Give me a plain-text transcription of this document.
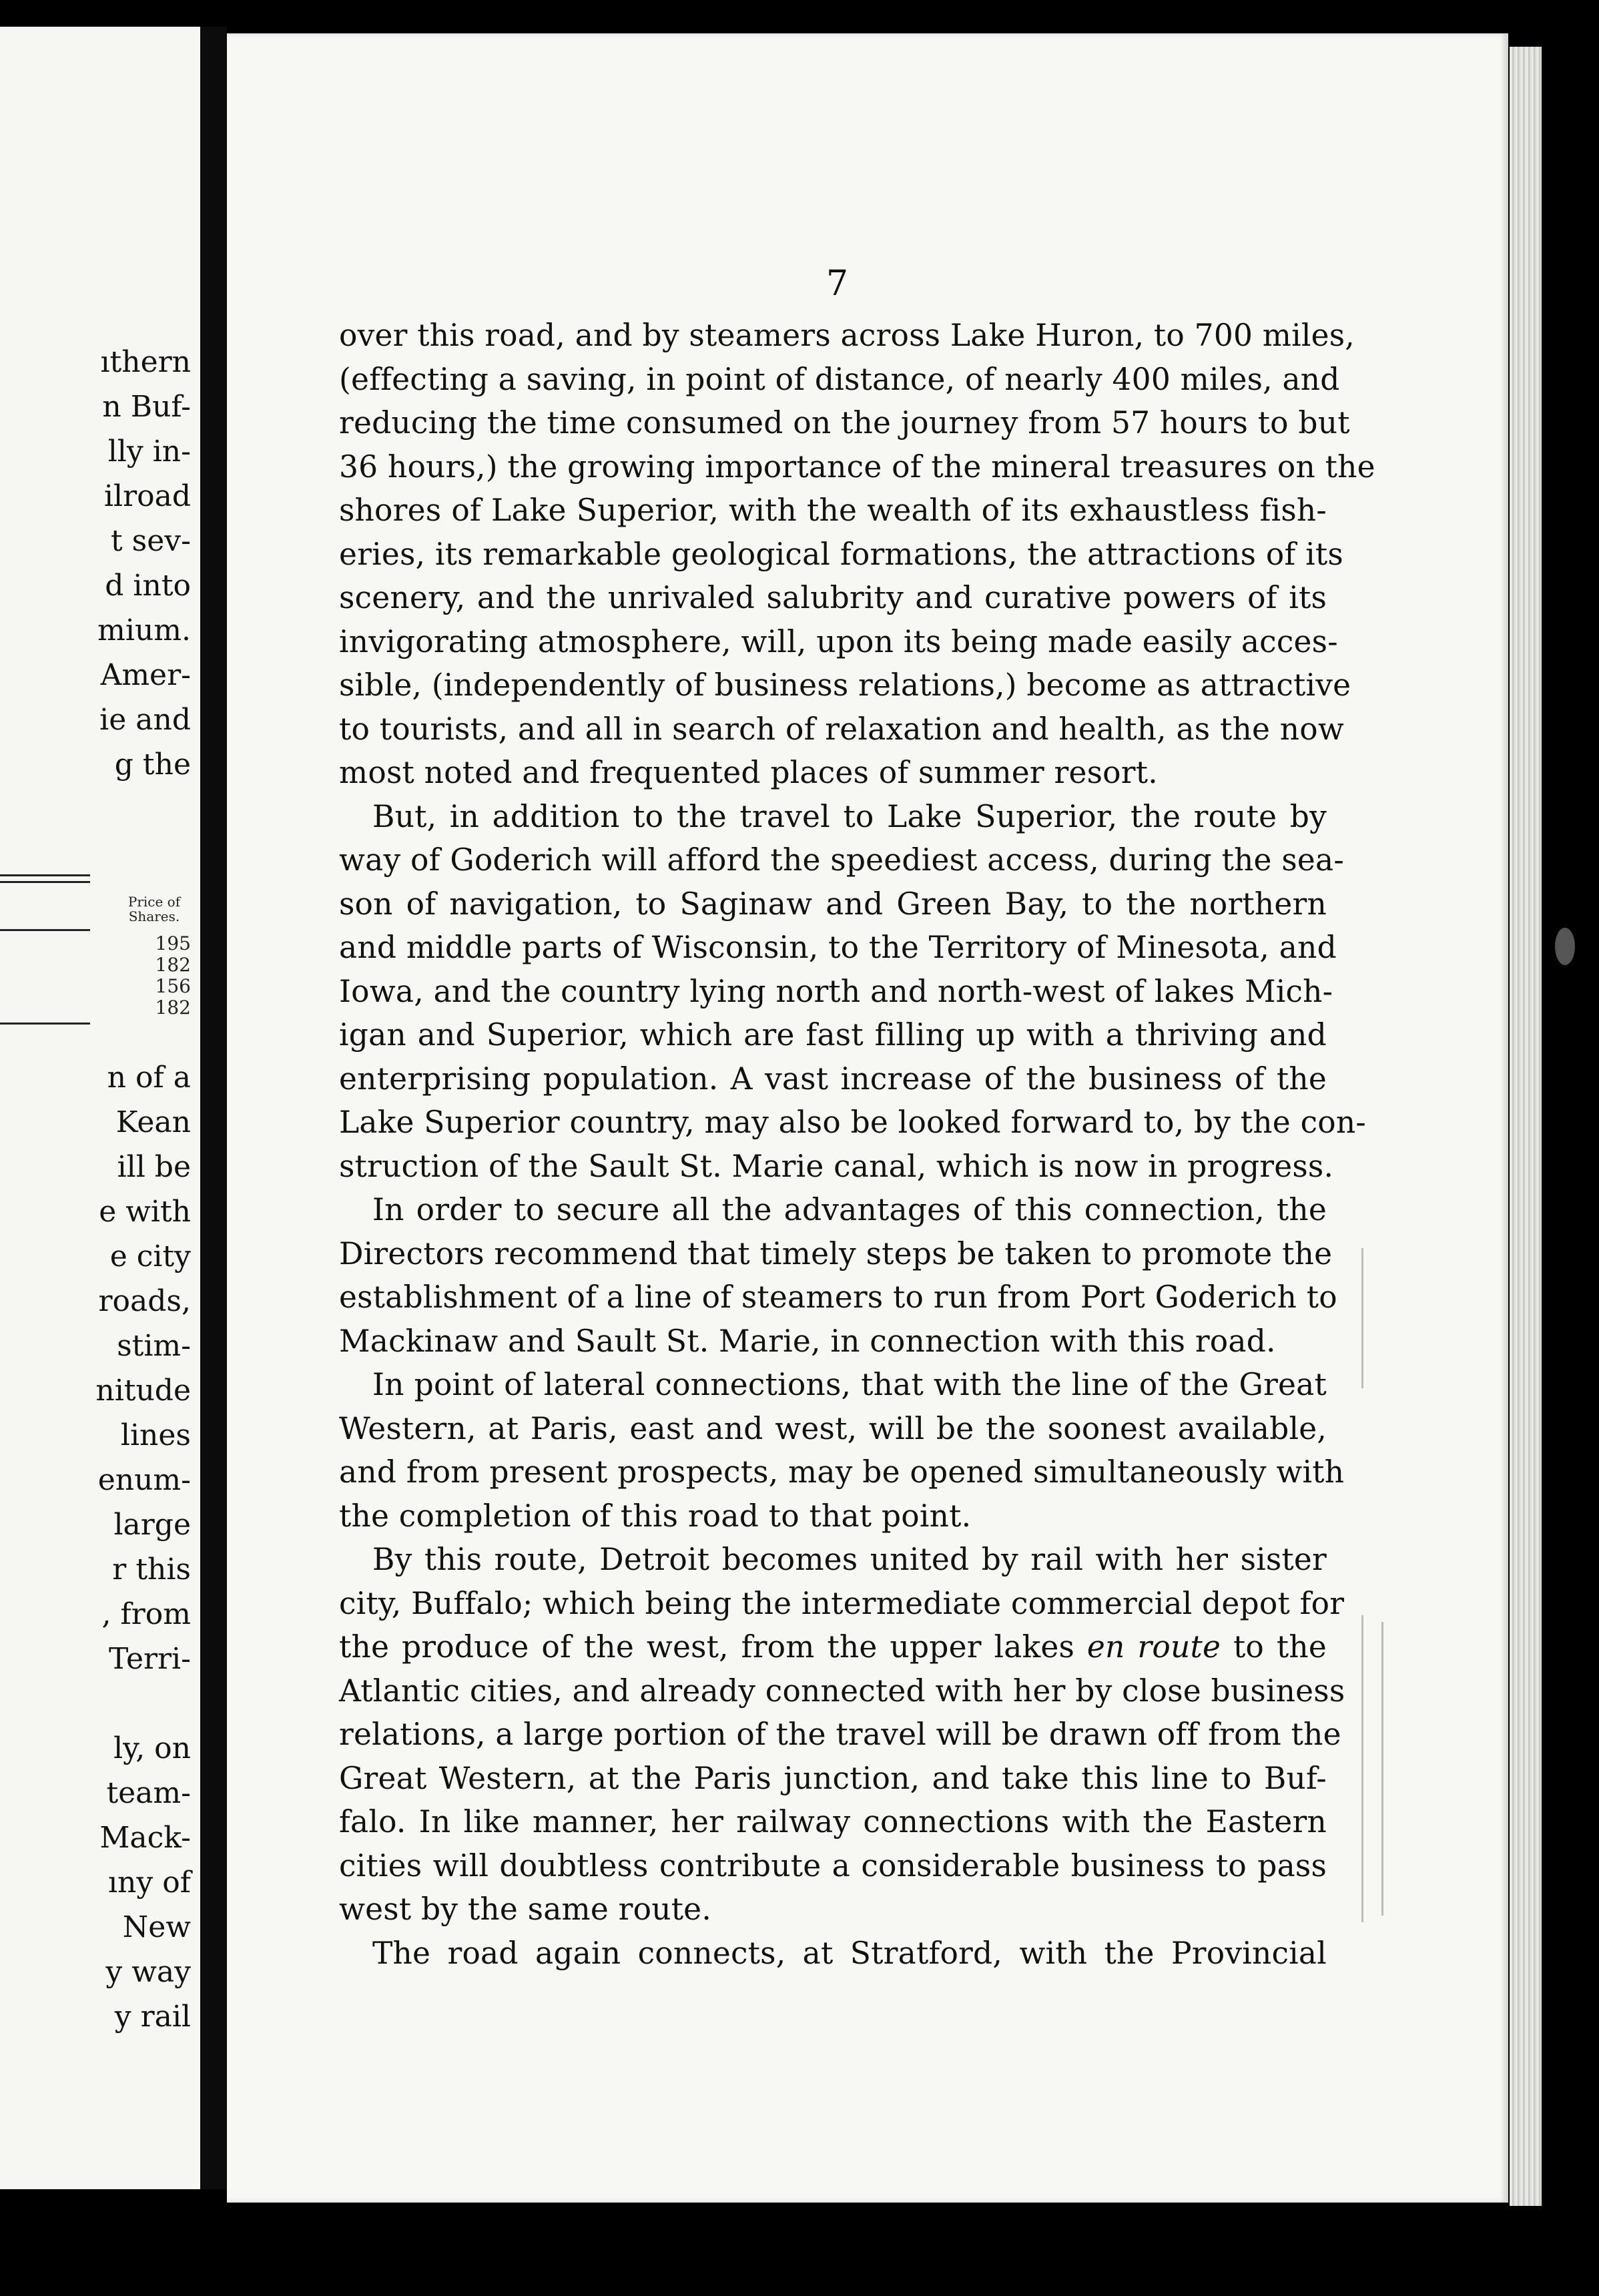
ıthern
n Buf-
lly in-
ilroad
t sev-
d into
mium.
Amer-
ie and
g the
n of a
Kean
ill be
e with
e city
roads,
stim-
nitude
lines
enum-
large
r this
, from
Terri-
ly, on
team-
Mack-
ıny of
New
y way
y rail
Price of
Shares.
195
182
156
182
7
over this road, and by steamers across Lake Huron, to 700 miles,
(effecting a saving, in point of distance, of nearly 400 miles, and
reducing the time consumed on the journey from 57 hours to but
36 hours,) the growing importance of the mineral treasures on the
shores of Lake Superior, with the wealth of its exhaustless fish-
eries, its remarkable geological formations, the attractions of its
scenery, and the unrivaled salubrity and curative powers of its
invigorating atmosphere, will, upon its being made easily acces-
sible, (independently of business relations,) become as attractive
to tourists, and all in search of relaxation and health, as the now
most noted and frequented places of summer resort.
But, in addition to the travel to Lake Superior, the route by
way of Goderich will afford the speediest access, during the sea-
son of navigation, to Saginaw and Green Bay, to the northern
and middle parts of Wisconsin, to the Territory of Minesota, and
Iowa, and the country lying north and north-west of lakes Mich-
igan and Superior, which are fast filling up with a thriving and
enterprising population. A vast increase of the business of the
Lake Superior country, may also be looked forward to, by the con-
struction of the Sault St. Marie canal, which is now in progress.
In order to secure all the advantages of this connection, the
Directors recommend that timely steps be taken to promote the
establishment of a line of steamers to run from Port Goderich to
Mackinaw and Sault St. Marie, in connection with this road.
In point of lateral connections, that with the line of the Great
Western, at Paris, east and west, will be the soonest available,
and from present prospects, may be opened simultaneously with
the completion of this road to that point.
By this route, Detroit becomes united by rail with her sister
city, Buffalo; which being the intermediate commercial depot for
the produce of the west, from the upper lakes en route to the
Atlantic cities, and already connected with her by close business
relations, a large portion of the travel will be drawn off from the
Great Western, at the Paris junction, and take this line to Buf-
falo. In like manner, her railway connections with the Eastern
cities will doubtless contribute a considerable business to pass
west by the same route.
The road again connects, at Stratford, with the Provincial
